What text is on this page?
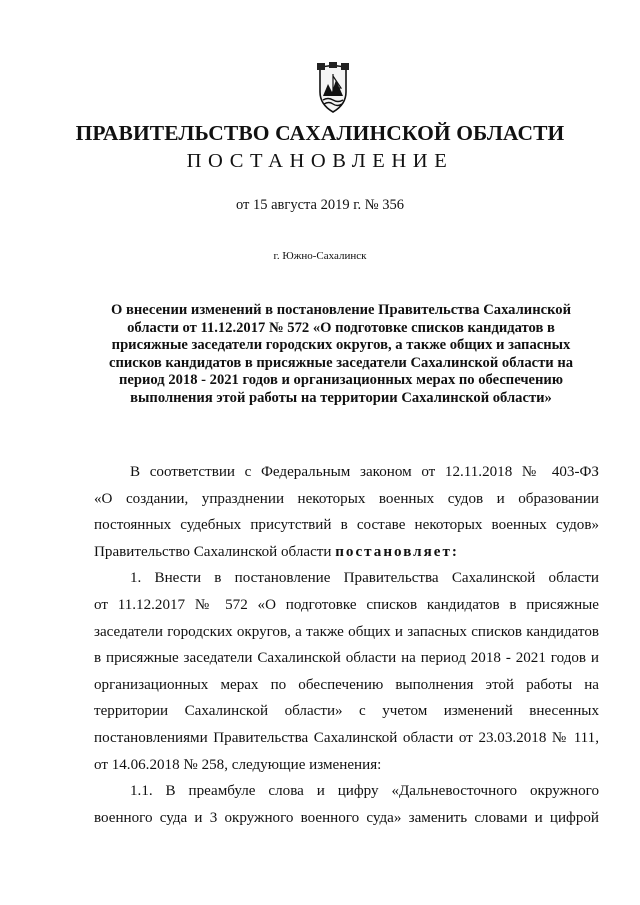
ПРАВИТЕЛЬСТВО САХАЛИНСКОЙ ОБЛАСТИ
ПОСТАНОВЛЕНИЕ
от 15 августа 2019 г. № 356
г. Южно-Сахалинск
О внесении изменений в постановление Правительства Сахалинской
области от 11.12.2017 № 572 «О подготовке списков кандидатов в
присяжные заседатели городских округов, а также общих и запасных
списков кандидатов в присяжные заседатели Сахалинской области на
период 2018 - 2021 годов и организационных мерах по обеспечению
выполнения этой работы на территории Сахалинской области»
В соответствии с Федеральным законом от 12.11.2018 № 403-ФЗ
«О создании, упразднении некоторых военных судов и образовании
постоянных судебных присутствий в составе некоторых военных судов»
Правительство Сахалинской области постановляет:
1. Внести в постановление Правительства Сахалинской области
от 11.12.2017 № 572 «О подготовке списков кандидатов в присяжные
заседатели городских округов, а также общих и запасных списков кандидатов
в присяжные заседатели Сахалинской области на период 2018 - 2021 годов и
организационных мерах по обеспечению выполнения этой работы на
территории Сахалинской области» с учетом изменений внесенных
постановлениями Правительства Сахалинской области от 23.03.2018 № 111,
от 14.06.2018 № 258, следующие изменения:
1.1. В преамбуле слова и цифру «Дальневосточного окружного
военного суда и 3 окружного военного суда» заменить словами и цифрой
